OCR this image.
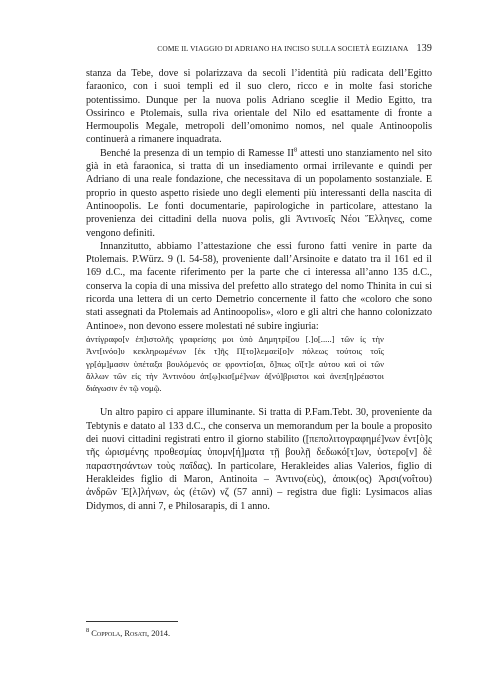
COME IL VIAGGIO DI ADRIANO HA INCISO SULLA SOCIETÀ EGIZIANA 139

stanza da Tebe, dove si polarizzava da secoli l’identità più radicata dell’Egitto faraonico, con i suoi templi ed il suo clero, ricco e in molte fasi storiche potentissimo. Dunque per la nuova polis Adriano sceglie il Medio Egitto, tra Ossirinco e Ptolemais, sulla riva orientale del Nilo ed esattamente di fronte a Hermoupolis Megale, metropoli dell’omonimo nomos, nel quale Antinoopolis continuerà a rimanere inquadrata.

Benché la presenza di un tempio di Ramesse $II^8$ attesti uno stanziamento nel sito già in età faraonica, si tratta di un insediamento ormai irrilevante e quindi per Adriano di una reale fondazione, che necessitava di un popolamento sostanziale. E proprio in questo aspetto risiede uno degli elementi più interessanti della nascita di Antinoopolis. Le fonti documentarie, papirologiche in particolare, attestano la provenienza dei cittadini della nuova polis, gli Ἀντινοεῖς Νέοι Ἕλληνες, come vengono definiti.

Innanzitutto, abbiamo l’attestazione che essi furono fatti venire in parte da Ptolemais. P.Würz. 9 (l. 54-58), proveniente dall’Arsinoite e datato tra il 161 ed il 169 d.C., ma facente riferimento per la parte che ci interessa all’anno 135 d.C., conserva la copia di una missiva del prefetto allo stratego del nomo Thinita in cui si ricorda una lettera di un certo Demetrio concernente il fatto che «coloro che sono stati assegnati da Ptolemais ad Antinoopolis», «loro e gli altri che hanno colonizzato Antinoe», non devono essere molestati né subire ingiuria:

ἀντίγραφο[ν ἐπ]ιστολῆς γραφείσης μοι ὑπὸ Δημητρί[ου [.]ο[.....] τῶν ἰς τὴν Ἀντ[ινόο]υ κεκληρωμένων [ἐκ τ]ῆς Π[το]λεμαεί[ο]ν πόλεως τούτοις τοῖς γρ[άμ]μασιν ὑπέταξα βουλόμενός σε φροντίσ[αι, ὅ]πως οἵ[τ]ε αὐτου καὶ οἱ τῶν ἄλλων τῶν εἰς τὴν Ἀντινόου ἀπ[ῳ]κισ[μέ]νων ἀ[νύ]βριστοι καὶ ἀνεπ[η]ρέαστοι διάγωσιν ἐν τῷ νομῷ.

Un altro papiro ci appare illuminante. Si tratta di P.Fam.Tebt. 30, proveniente da Tebtynis e datato al 133 d.C., che conserva un memorandum per la boule a proposito dei nuovi cittadini registrati entro il giorno stabilito ([πεπολιτογραφημέ]νων ἐντ[ὸ]ς τῆς ὡρισμένης προθεσμίας ὑπομν[ή]ματα τῇ βουλῇ δεδωκό[τ]ων, ὑστερο[ν] δὲ παραστησάντων τοὺς παῖδας). In particolare, Herakleides alias Valerios, figlio di Herakleides figlio di Maron, Antinoita – Ἀντινο(εὺς), ἀποικ(ος) Ἀρσι(νοΐτου) ἀνδρῶν Ἑ[λ]λήνων, ὡς (ἐτῶν) νζ (57 anni) – registra due figli: Lysimacos alias Didymos, di anni 7, e Philosarapis, di 1 anno.

$^8$ Coppola, Rosati, 2014.
